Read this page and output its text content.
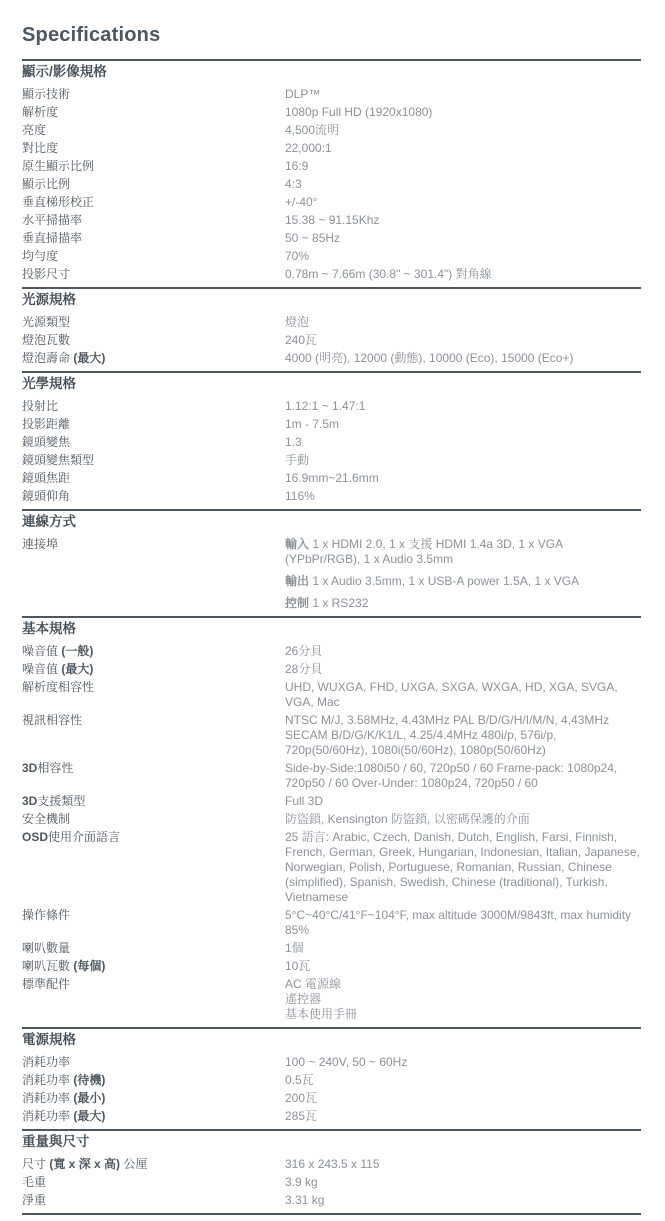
Specifications
顯示/影像規格
顯示技術	DLP™
解析度	1080p Full HD (1920x1080)
亮度	4,500流明
對比度	22,000:1
原生顯示比例	16:9
顯示比例	4:3
垂直梯形校正	+/-40°
水平掃描率	15.38 ~ 91.15Khz
垂直掃描率	50 ~ 85Hz
均勻度	70%
投影尺寸	0.78m ~ 7.66m (30.8" ~ 301.4") 對角線
光源規格
光源類型	燈泡
燈泡瓦數	240瓦
燈泡壽命 (最大)	4000 (明亮), 12000 (動態), 10000 (Eco), 15000 (Eco+)
光學規格
投射比	1.12:1 ~ 1.47:1
投影距離	1m - 7.5m
鏡頭變焦	1.3
鏡頭變焦類型	手動
鏡頭焦距	16.9mm~21.6mm
鏡頭仰角	116%
連線方式
連接埠	輸入 1 x HDMI 2.0, 1 x 支援 HDMI 1.4a 3D, 1 x VGA (YPbPr/RGB), 1 x Audio 3.5mm
輸出 1 x Audio 3.5mm, 1 x USB-A power 1.5A, 1 x VGA
控制 1 x RS232
基本規格
噪音值 (一般)	26分貝
噪音值 (最大)	28分貝
解析度相容性	UHD, WUXGA, FHD, UXGA, SXGA, WXGA, HD, XGA, SVGA, VGA, Mac
視訊相容性	NTSC M/J, 3.58MHz, 4.43MHz PAL B/D/G/H/I/M/N, 4,43MHz SECAM B/D/G/K/K1/L, 4.25/4.4MHz 480i/p, 576i/p, 720p(50/60Hz), 1080i(50/60Hz), 1080p(50/60Hz)
3D相容性	Side-by-Side:1080i50 / 60, 720p50 / 60 Frame-pack: 1080p24, 720p50 / 60 Over-Under: 1080p24, 720p50 / 60
3D支援類型	Full 3D
安全機制	防盜鎖, Kensington 防盜鎖, 以密碼保護的介面
OSD使用介面語言	25 語言: Arabic, Czech, Danish, Dutch, English, Farsi, Finnish, French, German, Greek, Hungarian, Indonesian, Italian, Japanese, Norwegian, Polish, Portuguese, Romanian, Russian, Chinese (simplified), Spanish, Swedish, Chinese (traditional), Turkish, Vietnamese
操作條件	5°C~40°C/41°F~104°F, max altitude 3000M/9843ft, max humidity 85%
喇叭數量	1個
喇叭瓦數 (每個)	10瓦
標準配件	AC 電源線
遙控器
基本使用手冊
電源規格
消耗功率	100 ~ 240V, 50 ~ 60Hz
消耗功率 (待機)	0.5瓦
消耗功率 (最小)	200瓦
消耗功率 (最大)	285瓦
重量與尺寸
尺寸 (寬 x 深 x 高) 公厘	316 x 243.5 x 115
毛重	3.9 kg
淨重	3.31 kg
